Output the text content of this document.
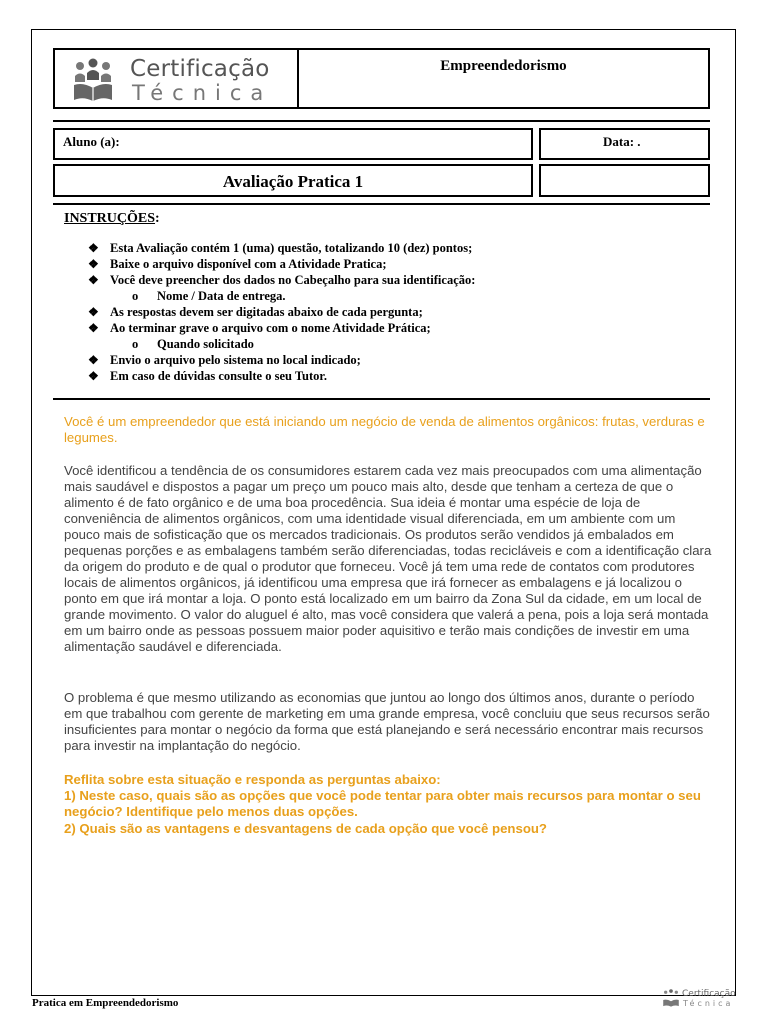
Certificação
Técnica
Empreendedorismo
Aluno (a):	Data: .
Avaliação Pratica 1
INSTRUÇÕES:
❖ Esta Avaliação contém 1 (uma) questão, totalizando 10 (dez) pontos;
❖ Baixe o arquivo disponível com a Atividade Pratica;
❖ Você deve preencher dos dados no Cabeçalho para sua identificação:
o	Nome / Data de entrega.
❖ As respostas devem ser digitadas abaixo de cada pergunta;
❖ Ao terminar grave o arquivo com o nome Atividade Prática;
o	Quando solicitado
❖ Envio o arquivo pelo sistema no local indicado;
❖ Em caso de dúvidas consulte o seu Tutor.
Você é um empreendedor que está iniciando um negócio de venda de alimentos orgânicos: frutas, verduras e legumes.
Você identificou a tendência de os consumidores estarem cada vez mais preocupados com uma alimentação mais saudável e dispostos a pagar um preço um pouco mais alto, desde que tenham a certeza de que o alimento é de fato orgânico e de uma boa procedência. Sua ideia é montar uma espécie de loja de conveniência de alimentos orgânicos, com uma identidade visual diferenciada, em um ambiente com um pouco mais de sofisticação que os mercados tradicionais. Os produtos serão vendidos já embalados em pequenas porções e as embalagens também serão diferenciadas, todas recicláveis e com a identificação clara da origem do produto e de qual o produtor que forneceu. Você já tem uma rede de contatos com produtores locais de alimentos orgânicos, já identificou uma empresa que irá fornecer as embalagens e já localizou o ponto em que irá montar a loja. O ponto está localizado em um bairro da Zona Sul da cidade, em um local de grande movimento. O valor do aluguel é alto, mas você considera que valerá a pena, pois a loja será montada em um bairro onde as pessoas possuem maior poder aquisitivo e terão mais condições de investir em uma alimentação saudável e diferenciada.
O problema é que mesmo utilizando as economias que juntou ao longo dos últimos anos, durante o período em que trabalhou com gerente de marketing em uma grande empresa, você concluiu que seus recursos serão insuficientes para montar o negócio da forma que está planejando e será necessário encontrar mais recursos para investir na implantação do negócio.
Reflita sobre esta situação e responda as perguntas abaixo:
1) Neste caso, quais são as opções que você pode tentar para obter mais recursos para montar o seu negócio? Identifique pelo menos duas opções.
2) Quais são as vantagens e desvantagens de cada opção que você pensou?
Pratica em Empreendedorismo
Certificação
Técnica
